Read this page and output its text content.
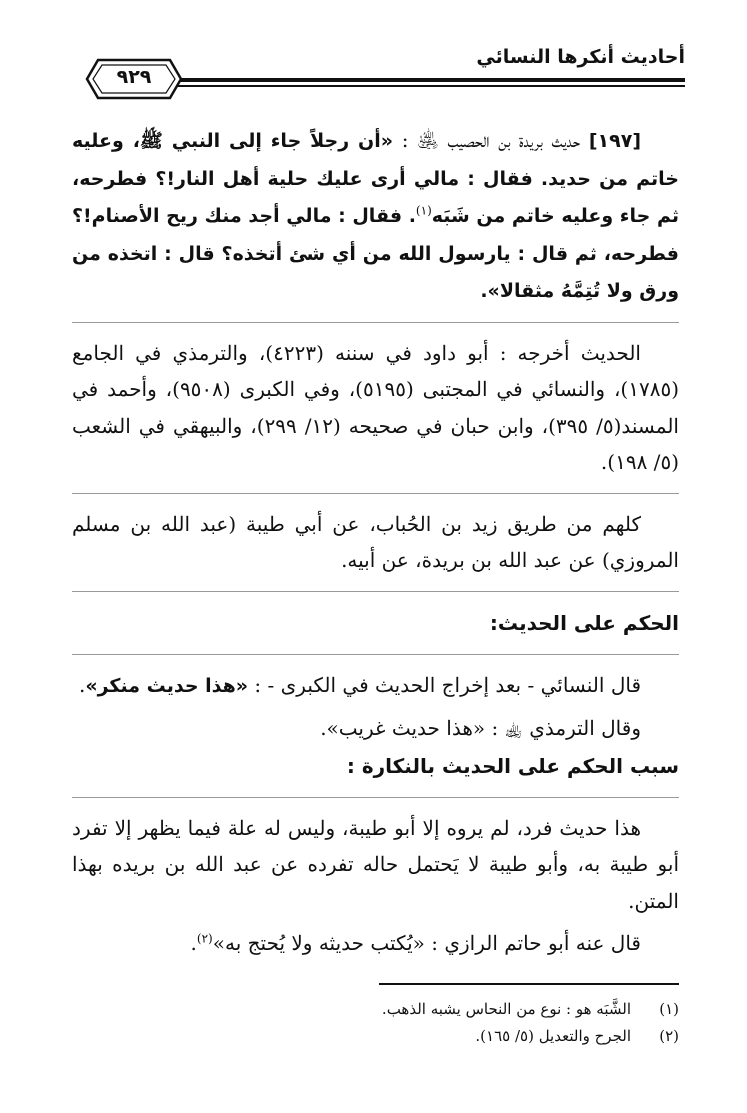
أحاديث أنكرها النسائي
٩٢٩

[١٩٧] حديث بريدة بن الحصيب ﵁ : «أن رجلاً جاء إلى النبي ﷺ، وعليه خاتم من حديد. فقال : مالي أرى عليك حلية أهل النار!؟ فطرحه، ثم جاء وعليه خاتم من شَبَه$^{(١)}$. فقال : مالي أجد منك ريح الأصنام!؟ فطرحه، ثم قال : يارسول الله من أي شئ أتخذه؟ قال : اتخذه من ورق ولا تُتِمَّهُ مثقالا».

الحديث أخرجه : أبو داود في سننه (٤٢٢٣)، والترمذي في الجامع (١٧٨٥)، والنسائي في المجتبى (٥١٩٥)، وفي الكبرى (٩٥٠٨)، وأحمد في المسند(٥/ ٣٩٥)، وابن حبان في صحيحه (١٢/ ٢٩٩)، والبيهقي في الشعب (٥/ ١٩٨).

كلهم من طريق زيد بن الحُباب، عن أبي طيبة (عبد الله بن مسلم المروزي) عن عبد الله بن بريدة، عن أبيه.

الحكم على الحديث:

قال النسائي - بعد إخراج الحديث في الكبرى - : «هذا حديث منكر».

وقال الترمذي ﵀ : «هذا حديث غريب».

سبب الحكم على الحديث بالنكارة :

هذا حديث فرد، لم يروه إلا أبو طيبة، وليس له علة فيما يظهر إلا تفرد أبو طيبة به، وأبو طيبة لا يَحتمل حاله تفرده عن عبد الله بن بريده بهذا المتن.

قال عنه أبو حاتم الرازي : «يُكتب حديثه ولا يُحتج به»$^{(٢)}$.

(١)
الشَّبَه هو : نوع من النحاس يشبه الذهب.
(٢)
الجرح والتعديل (٥/ ١٦٥).
